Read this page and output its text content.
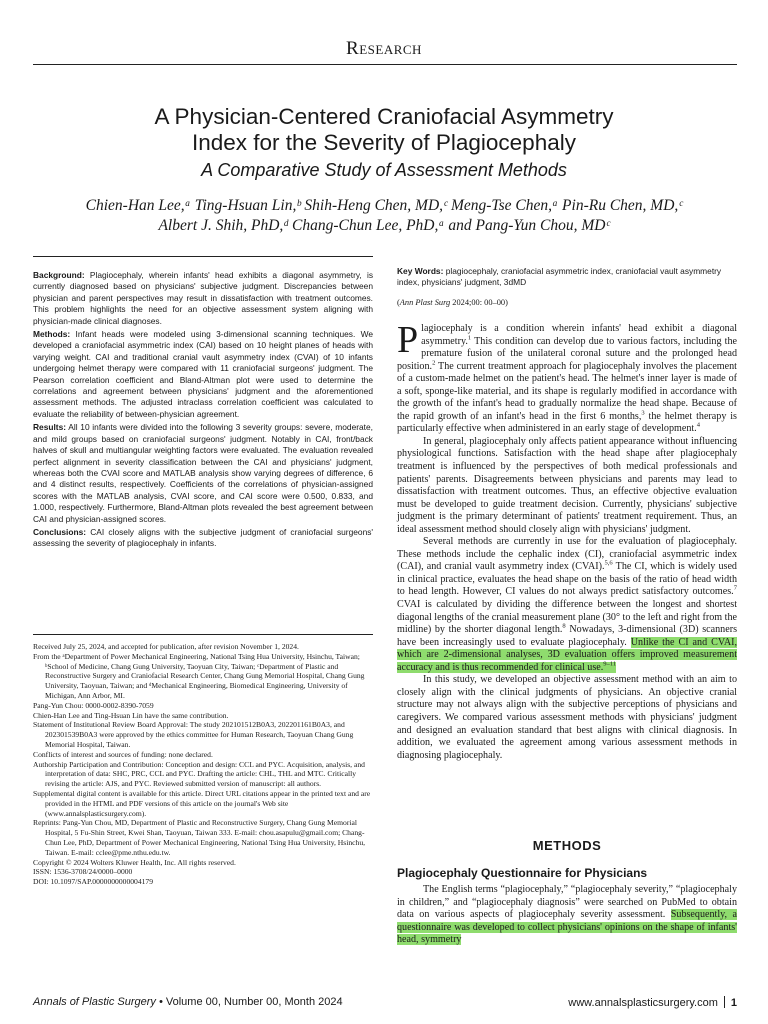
Research
A Physician-Centered Craniofacial Asymmetry
Index for the Severity of Plagiocephaly
A Comparative Study of Assessment Methods
Chien-Han Lee,ᵃ Ting-Hsuan Lin,ᵇ Shih-Heng Chen, MD,ᶜ Meng-Tse Chen,ᵃ Pin-Ru Chen, MD,ᶜ
Albert J. Shih, PhD,ᵈ Chang-Chun Lee, PhD,ᵃ and Pang-Yun Chou, MDᶜ

Background: Plagiocephaly, wherein infants' head exhibits a diagonal asymmetry, is currently diagnosed based on physicians' subjective judgment. Discrepancies between physician and parent perspectives may result in dissatisfaction with treatment outcomes. This problem highlights the need for an objective assessment system aligning with physician-made clinical diagnoses.

Methods: Infant heads were modeled using 3-dimensional scanning techniques. We developed a craniofacial asymmetric index (CAI) based on 10 height planes of heads with varying weight. CAI and traditional cranial vault asymmetry index (CVAI) of 10 infants undergoing helmet therapy were compared with 11 craniofacial surgeons' judgment. The Pearson correlation coefficient and Bland-Altman plot were used to determine the correlations and agreement between physicians' judgment and the aforementioned assessment methods. The adjusted intraclass correlation coefficient was calculated to evaluate the reliability of between-physician agreement.

Results: All 10 infants were divided into the following 3 severity groups: severe, moderate, and mild groups based on craniofacial surgeons' judgment. Notably in CAI, front/back halves of skull and multiangular weighting factors were evaluated. The evaluation revealed perfect alignment in severity classification between the CAI and physicians' judgment, whereas both the CVAI score and MATLAB analysis show varying degrees of difference, 6 and 4 distinct results, respectively. Coefficients of the correlations of physician-assigned scores with the MATLAB analysis, CVAI score, and CAI score were 0.500, 0.833, and 1.000, respectively. Furthermore, Bland-Altman plots revealed the best agreement between CAI and physician-assigned scores.

Conclusions: CAI closely aligns with the subjective judgment of craniofacial surgeons' assessing the severity of plagiocephaly in infants.

Received July 25, 2024, and accepted for publication, after revision November 1, 2024.

From the ᵃDepartment of Power Mechanical Engineering, National Tsing Hua University, Hsinchu, Taiwan; ᵇSchool of Medicine, Chang Gung University, Taoyuan City, Taiwan; ᶜDepartment of Plastic and Reconstructive Surgery and Craniofacial Research Center, Chang Gung Memorial Hospital, Chang Gung University, Taoyuan, Taiwan; and ᵈMechanical Engineering, Biomedical Engineering, University of Michigan, Ann Arbor, MI.

Pang-Yun Chou: 0000-0002-8390-7059

Chien-Han Lee and Ting-Hsuan Lin have the same contribution.

Statement of Institutional Review Board Approval: The study 202101512B0A3, 202201161B0A3, and 202301539B0A3 were approved by the ethics committee for Human Research, Taoyuan Chang Gung Memorial Hospital, Taiwan.

Conflicts of interest and sources of funding: none declared.

Authorship Participation and Contribution: Conception and design: CCL and PYC. Acquisition, analysis, and interpretation of data: SHC, PRC, CCL and PYC. Drafting the article: CHL, THL and MTC. Critically revising the article: AJS, and PYC. Reviewed submitted version of manuscript: all authors.

Supplemental digital content is available for this article. Direct URL citations appear in the printed text and are provided in the HTML and PDF versions of this article on the journal's Web site (www.annalsplasticsurgery.com).

Reprints: Pang-Yun Chou, MD, Department of Plastic and Reconstructive Surgery, Chang Gung Memorial Hospital, 5 Fu-Shin Street, Kwei Shan, Taoyuan, Taiwan 333. E-mail: chou.asapulu@gmail.com; Chang-Chun Lee, PhD, Department of Power Mechanical Engineering, National Tsing Hua University, Hsinchu, Taiwan. E-mail: cclee@pme.nthu.edu.tw.

Copyright © 2024 Wolters Kluwer Health, Inc. All rights reserved.

ISSN: 1536-3708/24/0000–0000

DOI: 10.1097/SAP.0000000000004179

Key Words: plagiocephaly, craniofacial asymmetric index, craniofacial vault asymmetry index, physicians' judgment, 3dMD
(Ann Plast Surg 2024;00: 00–00)

Plagiocephaly is a condition wherein infants' head exhibit a diagonal asymmetry.$^1$ This condition can develop due to various factors, including the premature fusion of the unilateral coronal suture and the prolonged head position.$^2$ The current treatment approach for plagiocephaly involves the placement of a custom-made helmet on the patient's head. The helmet's inner layer is made of a soft, sponge-like material, and its shape is regularly modified in accordance with the growth of the infant's head to gradually normalize the head shape. Because of the rapid growth of an infant's head in the first 6 months,$^3$ the helmet therapy is particularly effective when administered in an early stage of development.$^4$

In general, plagiocephaly only affects patient appearance without influencing physiological functions. Satisfaction with the head shape after plagiocephaly treatment is influenced by the perspectives of both medical professionals and patients' parents. Disagreements between physicians and parents may lead to dissatisfaction with treatment outcomes. Thus, an effective objective evaluation must be developed to guide treatment decision. Currently, physicians' subjective judgment is the primary determinant of patients' treatment requirement. Thus, an ideal assessment method should closely align with physicians' judgment.

Several methods are currently in use for the evaluation of plagiocephaly. These methods include the cephalic index (CI), craniofacial asymmetric index (CAI), and cranial vault asymmetry index (CVAI).$^{5,6}$ The CI, which is widely used in clinical practice, evaluates the head shape on the basis of the ratio of head width to head length. However, CI values do not always predict satisfactory outcomes.$^7$ CVAI is calculated by dividing the difference between the longest and shortest diagonal lengths of the cranial measurement plane (30° to the left and right from the midline) by the shorter diagonal length.$^8$ Nowadays, 3-dimensional (3D) scanners have been increasingly used to evaluate plagiocephaly. Unlike the CI and CVAI, which are 2-dimensional analyses, 3D evaluation offers improved measurement accuracy and is thus recommended for clinical use.$^{9-11}$

In this study, we developed an objective assessment method with an aim to closely align with the clinical judgments of physicians. An objective cranial structure may not always align with the subjective perceptions of physicians and caregivers. We compared various assessment methods with physicians' judgment and designed an evaluation standard that best aligns with clinical diagnosis. In addition, we evaluated the agreement among various assessment methods in diagnosing plagiocephaly.

METHODS
Plagiocephaly Questionnaire for Physicians

The English terms “plagiocephaly,” “plagiocephaly severity,” “plagiocephaly in children,” and “plagiocephaly diagnosis” were searched on PubMed to obtain data on various aspects of plagiocephaly severity assessment. Subsequently, a questionnaire was developed to collect physicians' opinions on the shape of infants' head, symmetry

Annals of Plastic Surgery • Volume 00, Number 00, Month 2024	www.annalsplasticsurgery.com 1
